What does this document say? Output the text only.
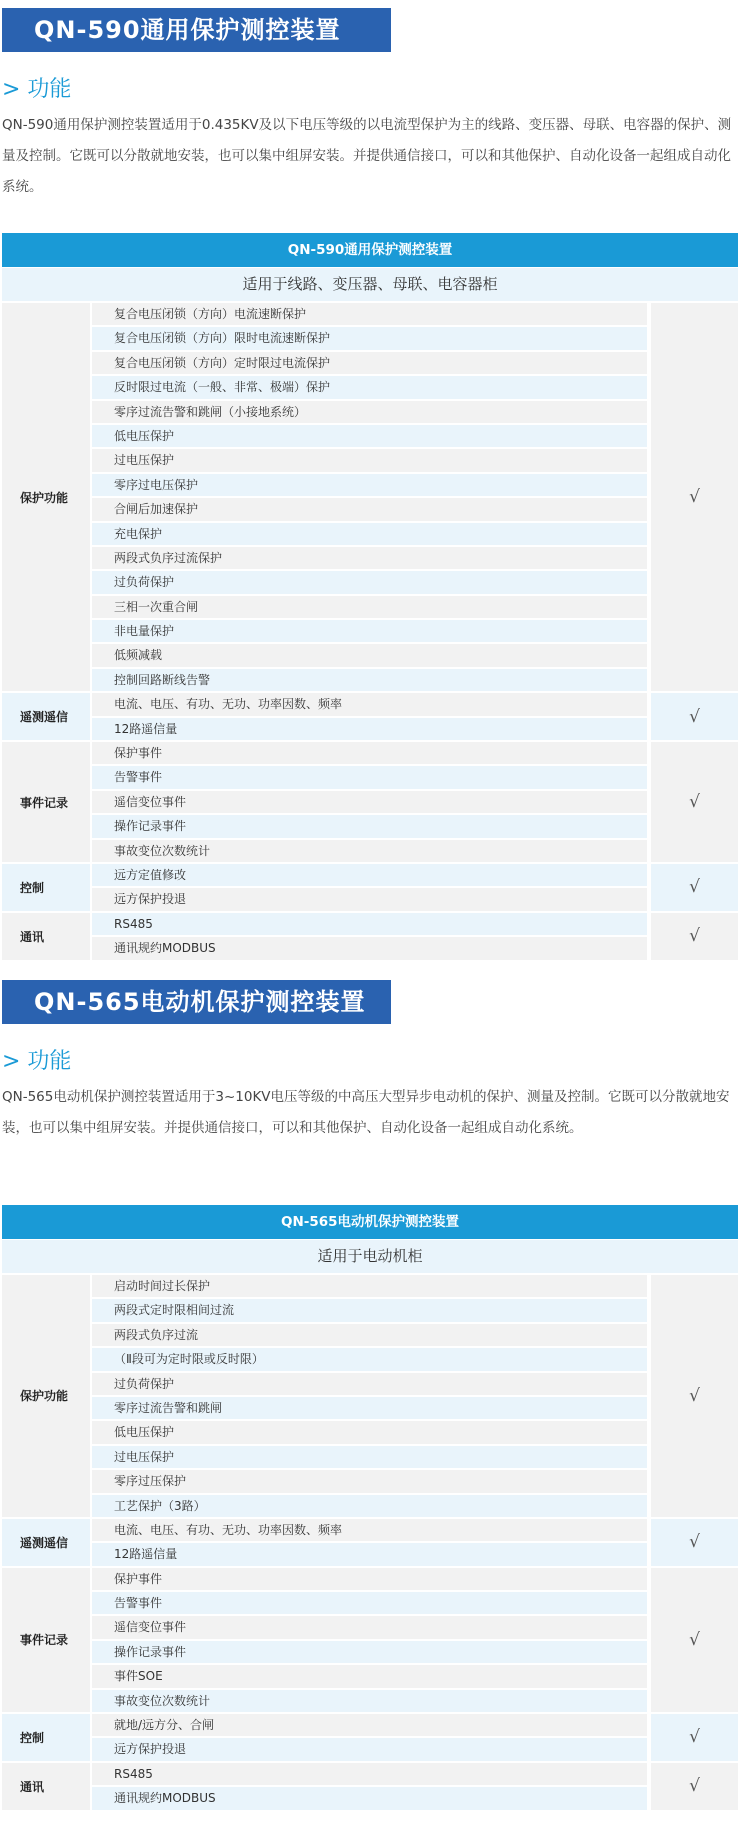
QN-590通用保护测控装置
> 功能

QN-590通用保护测控装置适用于0.435KV及以下电压等级的以电流型保护为主的线路、变压器、母联、电容器的保护、测量及控制。它既可以分散就地安装，也可以集中组屏安装。并提供通信接口，可以和其他保护、自动化设备一起组成自动化系统。

QN-590通用保护测控装置
适用于线路、变压器、母联、电容器柜
保护功能
复合电压闭锁（方向）电流速断保护
复合电压闭锁（方向）限时电流速断保护
复合电压闭锁（方向）定时限过电流保护
反时限过电流（一般、非常、极端）保护
零序过流告警和跳闸（小接地系统）
低电压保护
过电压保护
零序过电压保护
合闸后加速保护
充电保护
两段式负序过流保护
过负荷保护
三相一次重合闸
非电量保护
低频减载
控制回路断线告警
√
遥测遥信
电流、电压、有功、无功、功率因数、频率
12路遥信量
√
事件记录
保护事件
告警事件
遥信变位事件
操作记录事件
事故变位次数统计
√
控制
远方定值修改
远方保护投退
√
通讯
RS485
通讯规约MODBUS
√
QN-565电动机保护测控装置
> 功能

QN-565电动机保护测控装置适用于3~10KV电压等级的中高压大型异步电动机的保护、测量及控制。它既可以分散就地安装，也可以集中组屏安装。并提供通信接口，可以和其他保护、自动化设备一起组成自动化系统。

QN-565电动机保护测控装置
适用于电动机柜
保护功能
启动时间过长保护
两段式定时限相间过流
两段式负序过流
（Ⅱ段可为定时限或反时限）
过负荷保护
零序过流告警和跳闸
低电压保护
过电压保护
零序过压保护
工艺保护（3路）
√
遥测遥信
电流、电压、有功、无功、功率因数、频率
12路遥信量
√
事件记录
保护事件
告警事件
遥信变位事件
操作记录事件
事件SOE
事故变位次数统计
√
控制
就地/远方分、合闸
远方保护投退
√
通讯
RS485
通讯规约MODBUS
√
